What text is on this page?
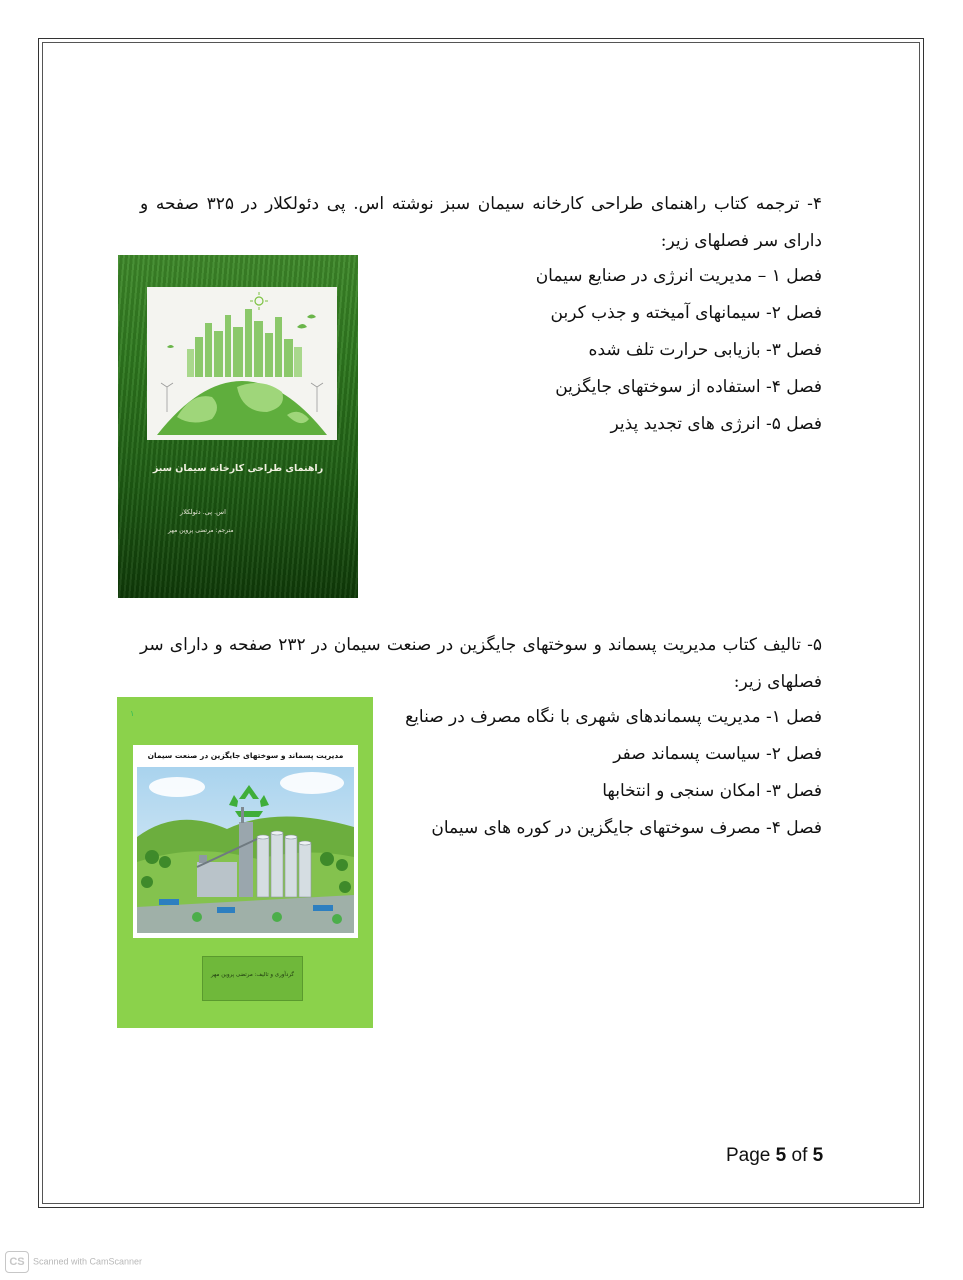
۴- ترجمه کتاب راهنمای طراحی کارخانه سیمان سبز نوشته اس. پی دئولکلار در ۳۲۵ صفحه و دارای سر فصلهای زیر:
فصل ۱ – مدیریت انرژی در صنایع سیمان
فصل ۲- سیمانهای آمیخته و جذب کربن
فصل ۳- بازیابی حرارت تلف شده
فصل ۴- استفاده از سوختهای جایگزین
فصل ۵- انرژی های تجدید پذیر
راهنمای طراحی کارخانه سیمان سبز
اس. پی. دئولکلار
مترجم: مرتضی پروین مهر
۵- تالیف کتاب مدیریت پسماند و سوختهای جایگزین در صنعت سیمان در ۲۳۲ صفحه و دارای سر فصلهای زیر:
فصل ۱- مدیریت پسماندهای شهری با نگاه مصرف در صنایع
فصل ۲- سیاست پسماند صفر
فصل ۳- امکان سنجی و انتخابها
فصل ۴- مصرف سوختهای جایگزین در کوره های سیمان
۱
مدیریت پسماند و سوختهای جایگزین در صنعت سیمان
گردآوری و تالیف: مرتضی پروین مهر
Page 5 of 5
CS Scanned with CamScanner
